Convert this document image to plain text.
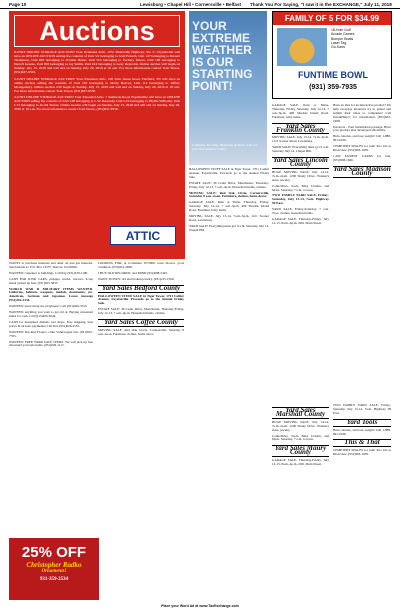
Page 10	Lewisburg • Chapel Hill • Cornersville • Belfast Thank You For Saying, "I saw it in the EXCHANGE," July 11, 2018
Auctions
8-UNIT ONLINE STORAGE AUCTION! Your Extended Attic, 1231 Huntsville Highway, Ste. E, Fayetteville will have an ONLINE AUCTION selling the contents of Unit 3/4 belonging to Judy Branch, Unit 147 belonging to Breann Thompson, Unit 803 belonging to Frankie Huber, Unit 316 belonging to Zachary Moore, Unit 188 belonging to Darrell Greene, Unit 805 belonging to Jay Smith, Unit 224 belonging to Gary Reynolds. Online auction will begin on Sunday, July 15, 2018 and will end on Sunday, July 29, 2018 at 10 a.m. For more information contact Tom Teresa, (931)637-9550.
5-UNIT ONLINE STORAGE AUCTION! Your Extended Attic, 108 Irvin Reese Road, Fairfield, TN will have an online auction selling the contents of Unit 210 belonging to Molly Harvey, Unit 112 belonging to Jeffery Montgomery. Online auction will begin on Sunday, July 15, 2018 and will end on Sunday, July 29, 2018 at 10 a.m. For more information contact Tom Teresa, (931)637-9550.
3-UNIT ONLINE STORAGE AUCTION! Your Extended Attic, 7 Seminole Road, Fayetteville will have an ONLINE AUCTION selling the contents of Unit 128 belonging to L.W. Kennedy, Unit C24 belonging to Phyllis Williams, Unit C13 belonging to Jacobi Turner. Online auction will begin on Sunday, July 15, 2018 and will end on Sunday, July 29, 2018 at 10 a.m. For more information contact Tom Teresa, (931)637-9550.
ATTIC
YOUR EXTREME WEATHER IS OUR STARTING POINT!
Cabinetry, Roofing, Insulation & More. Call for your free estimate today!
FAMILY OF 5 FOR $34.99
18-Hole Golf
Arcade Games
Bumper Boats
Laser Tag
Go-Karts
FUNTIME BOWL
(931) 359-7935
WANTS to purchase minerals and other oil and gas interests. Send details to: P.O. Box 13557, Denver, CO 80201.
WANTED: carpenter to buildings. Call Ray (931)239-1100.
CASH FOR JUNK CARS, pickups, trucks, tractors. Scrap metal picked up free. (931)625-3835.
WORLD WAR II MILITARY ITEMS WANTED. Uniforms, helmets, weapons, medals, documents, etc. American, German and Japanese. Leave message (931)302-2334.
WANTED: used swing set, playhouse. Call (931)626-3315.
WANTED: anything you want to get rid of. Buying unwanted items for cash. Call (615)400-3044.
CASH for unexpired diabetic test strips. Free shipping, best prices & 24 hour payments! Call Rob (931)626-2553.
WANTED: Rat-Rod Project, older Volkswagen bus. (931)625-7765.
WANTED: FREE YARD SALE ITEMS. We will pick up free unwanted yard sale items. (931)629-1117.
25% OFF
Christopher Radko
Ornaments!
931-359-2534
LOOKING FOR: A Craftsman XT3000, lawn mower, good condition. (931)614-3666.
I BUY OLD RECORDS, and MIND (931)698-5445.
WANT TO BUY: old and broken jewelry. (931)215-1566.
Yard Sales Bedford County
HALLOWEEN STUFF SALE in Tiger Tower, 1701 Collier Avenue, Fayetteville. Proceeds go to the Annual Friday Sale.
ESTATE SALE: 39 Cedar Drive, Manchester, Thursday-Friday, July 12-13, 7 a.m.-4p.m. Household items, clothes.
Yard Sales Coffee County
MOVING SALE: Red Oak Circle, Cornersville, Saturday 8 a.m.-noon. Furniture, clothes, home decor.
HALLOWEEN STUFF SALE in Tiger Tower, 1701 Collier Avenue, Fayetteville. Proceeds go to the Annual Friday Sale.
ESTATE SALE: 39 Cedar Drive, Manchester, Thursday-Friday, July 12-13, 7 a.m.-4p.m. Household items, clothes.
MOVING SALE: Red Oak Circle, Cornersville, Saturday 8 a.m.-noon. Furniture, clothes, home decor.
GARAGE SALE, Rain or Shine, Thursday, Friday, Saturday, July 12-14, 7 a.m.-3p.m. 406 Shackle Island Road. Furniture, baby items.
MOVING SALE, July 13-14, 7a.m.-3p.m. 1121 Sooner Road, Lewisburg.
YARD SALE! Everything must go! 9 a.m. Saturday July 14, Chapel Hill.
GARAGE SALE, Rain or Shine, Thursday, Friday, Saturday, July 12-14, 7 a.m.-3p.m. 406 Shackle Island Road. Furniture, baby items.
Yard Sales Franklin County
MOVING SALE, July 13-14, 7a.m.-3p.m. 1121 Sooner Road, Lewisburg.
YARD SALE! Everything must go! 9 a.m. Saturday July 14, Chapel Hill.
Yard Sales Lincoln County
HUGE MOVING SALE, July 14-14, 7a.m.-2p.m. 1200 Shady Drive. Women's sizes, jewelry.
Collectibles, Tools, Baby Clothes, and More. Saturday, 7 a.m. to noon.
TWO FAMILY YARD SALE, Friday-Saturday, July 13-14, 7a.m. Highway 99 East.
YARD SALE, Friday-Saturday, 7 a.m. Toys, clothes, household items.
GARAGE SALE, Thursday-Friday, July 12-13, 8a.m.-4p.m. 2201 Main Street.
Have an idea for an interactive product? We help everyday inventors try to patent and submit their ideas to companies! Call InventHelp®, for information. (855)643-1998.
Investors - Your information package. Have your product idea developed affordably.
Burn calories, and lose weight! Call 1-888-991-0236.
CEMETERY SPACES for sale! Two lots at Riverview. (931)993-1039.
1,200 EASIEST CARDS for sale. (931)998-1946.
Yard Sales Madison County
Yard Sales Marshall County
HUGE MOVING SALE, July 14-14, 7a.m.-2p.m. 1200 Shady Drive. Women's sizes, jewelry.
Collectibles, Tools, Baby Clothes, and More. Saturday, 7 a.m. to noon.
Yard Sales Maury County
GARAGE SALE, Thursday-Friday, July 12-13, 8a.m.-4p.m. 2201 Main Street.
TWO FAMILY YARD SALE, Friday-Saturday, July 13-14, 7a.m. Highway 99 East.
Yard Tools
Burn calories, and lose weight! Call 1-888-991-0236.
This & That
CEMETERY SPACES for sale! Two lots at Riverview. (931)993-1039.
Place your Word Ad at www.TaxExchange.com
